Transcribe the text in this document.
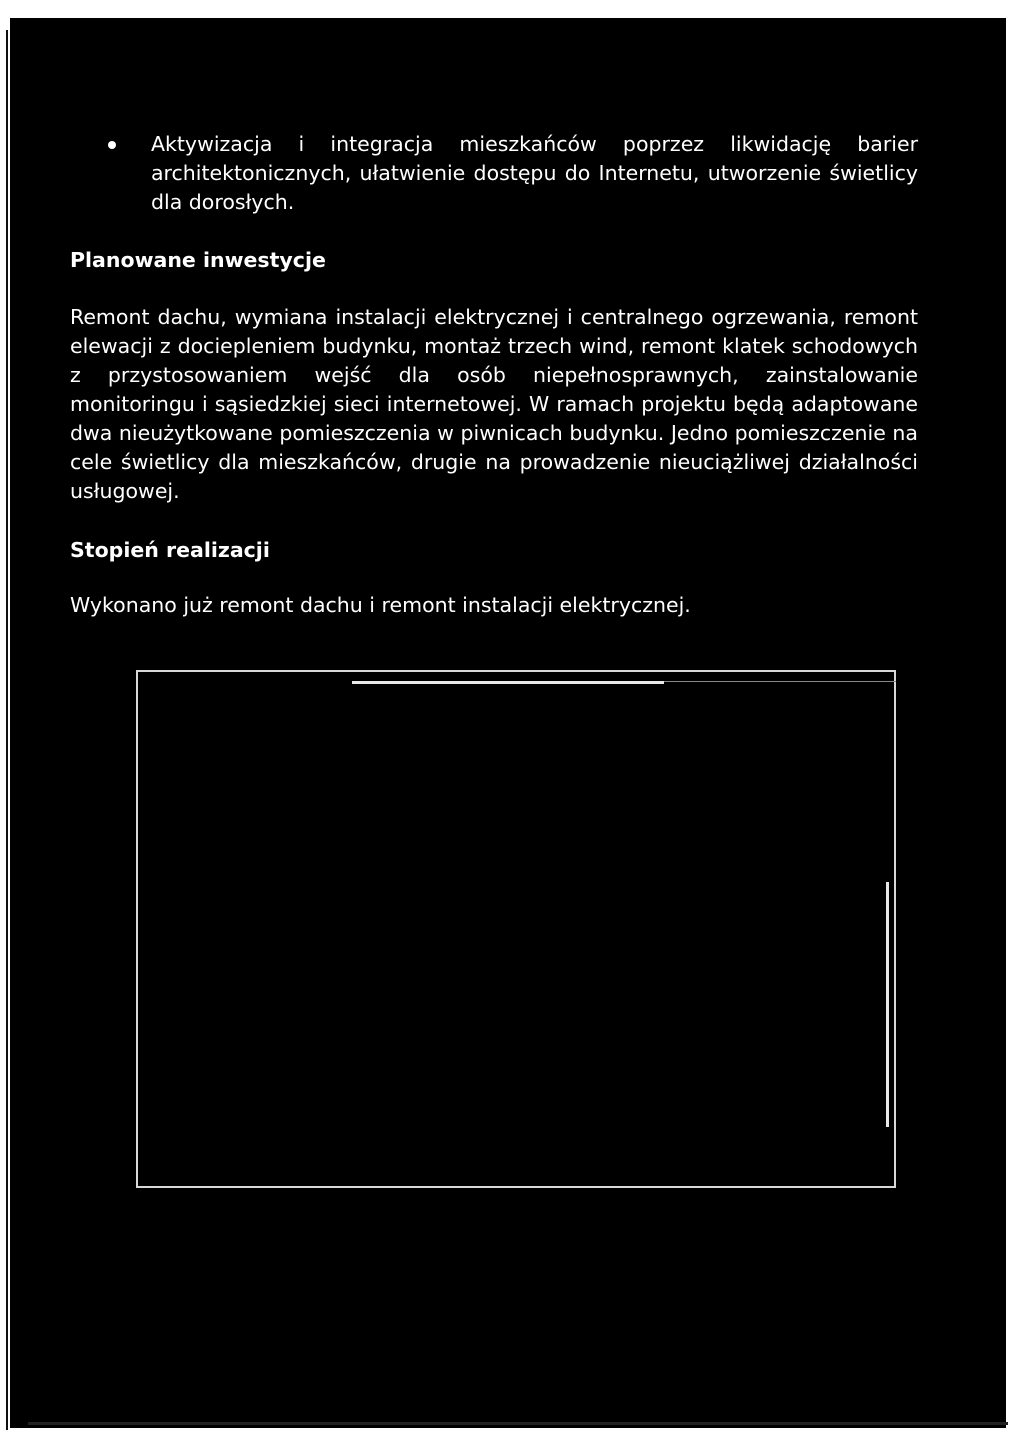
Aktywizacja i integracja mieszkańców poprzez likwidację barier architektonicznych, ułatwienie dostępu do Internetu, utworzenie świetlicy dla dorosłych.
Planowane inwestycje
Remont dachu, wymiana instalacji elektrycznej i centralnego ogrzewania, remont elewacji z dociepleniem budynku, montaż trzech wind, remont klatek schodowych z przystosowaniem wejść dla osób niepełnosprawnych, zainstalowanie monitoringu i sąsiedzkiej sieci internetowej. W ramach projektu będą adaptowane dwa nieużytkowane pomieszczenia w piwnicach budynku. Jedno pomieszczenie na cele świetlicy dla mieszkańców, drugie na prowadzenie nieuciążliwej działalności usługowej.
Stopień realizacji
Wykonano już remont dachu i remont instalacji elektrycznej.
